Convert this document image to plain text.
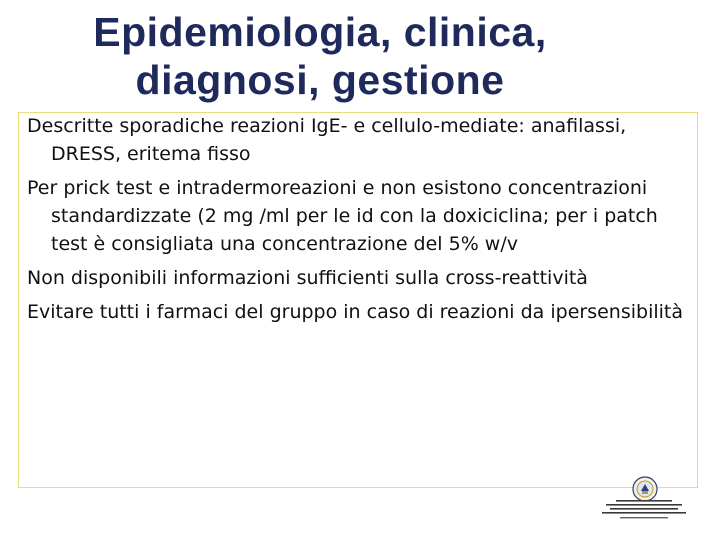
Epidemiologia, clinica,
diagnosi, gestione
Descritte sporadiche reazioni IgE- e cellulo-mediate: anafilassi, DRESS, eritema fisso
Per prick test e intradermoreazioni e non esistono concentrazioni standardizzate (2 mg /ml per le id con la doxiciclina; per i patch test è consigliata una concentrazione del 5% w/v
Non disponibili informazioni sufficienti sulla cross-reattività
Evitare tutti i farmaci del gruppo in caso di reazioni da ipersensibilità
